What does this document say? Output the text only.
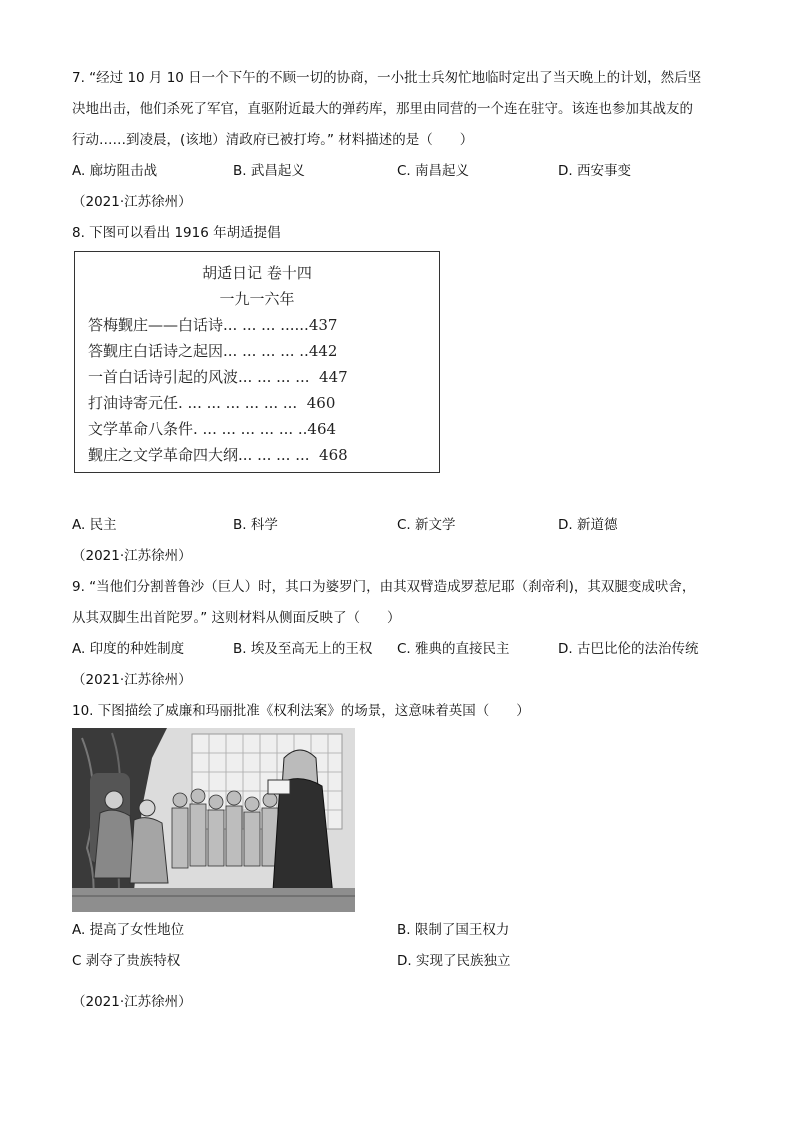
7. “经过 10 月 10 日一个下午的不顾一切的协商，一小批士兵匆忙地临时定出了当天晚上的计划，然后坚
决地出击，他们杀死了军官，直驱附近最大的弹药库，那里由同营的一个连在驻守。该连也参加其战友的
行动……到凌晨，(该地）清政府已被打垮。” 材料描述的是（　　）
A. 廊坊阻击战	B. 武昌起义	C. 南昌起义	D. 西安事变
（2021·江苏徐州）
8. 下图可以看出 1916 年胡适提倡
胡适日记 卷十四
一九一六年
答梅觐庄——白话诗... ... ... ......437
答觐庄白话诗之起因... ... ... ... ..442
一首白话诗引起的风波... ... ... ...  447
打油诗寄元任. ... ... ... ... ... ...  460
文学革命八条件. ... ... ... ... ... ..464
觐庄之文学革命四大纲... ... ... ...  468
A. 民主	B. 科学	C. 新文学	D. 新道德
（2021·江苏徐州）
9. “当他们分割普鲁沙（巨人）时，其口为婆罗门，由其双臂造成罗惹尼耶（刹帝利)，其双腿变成吠舍，
从其双脚生出首陀罗。” 这则材料从侧面反映了（　　）
A. 印度的种姓制度	B. 埃及至高无上的王权 C. 雅典的直接民主	D. 古巴比伦的法治传统
（2021·江苏徐州）
10. 下图描绘了威廉和玛丽批准《权利法案》的场景，这意味着英国（　　）
A. 提高了女性地位	B. 限制了国王权力
C 剥夺了贵族特权	D. 实现了民族独立
（2021·江苏徐州）
